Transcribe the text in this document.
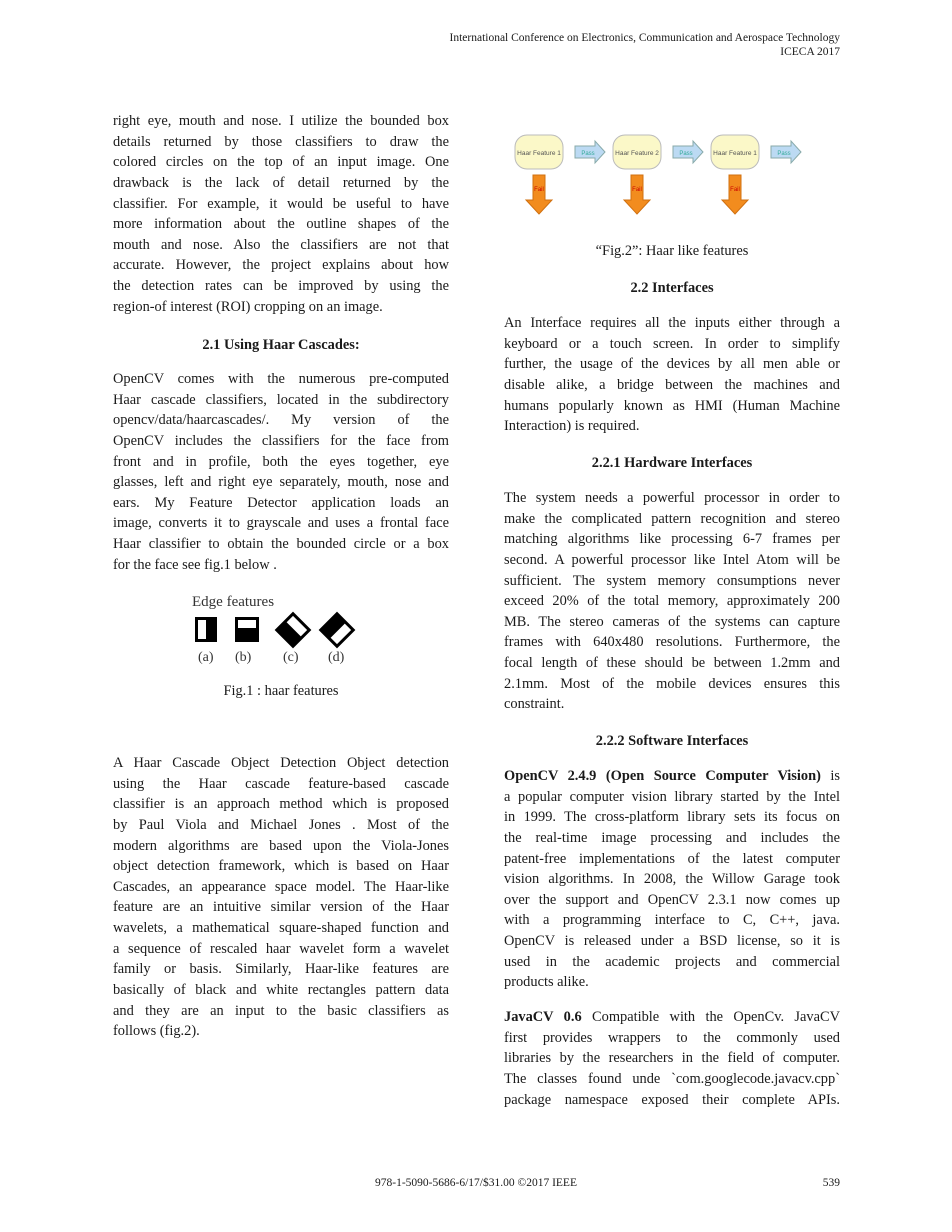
International Conference on Electronics, Communication and Aerospace Technology
ICECA 2017
right eye, mouth and nose. I utilize the bounded box
details returned by those classifiers to draw the
colored circles on the top of an input image. One
drawback is the lack of detail returned by the
classifier. For example, it would be useful to have
more information about the outline shapes of the
mouth and nose. Also the classifiers are not that
accurate. However, the project explains about how
the detection rates can be improved by using the
region-of interest (ROI) cropping on an image.
2.1 Using Haar Cascades:
OpenCV comes with the numerous pre-computed
Haar cascade classifiers, located in the subdirectory
opencv/data/haarcascades/. My version of the
OpenCV includes the classifiers for the face from
front and in profile, both the eyes together, eye
glasses, left and right eye separately, mouth, nose and
ears. My Feature Detector application loads an
image, converts it to grayscale and uses a frontal face
Haar classifier to obtain the bounded circle or a box
for the face see fig.1 below .
Edge features
(a) (b) (c) (d)
Fig.1 : haar features
A Haar Cascade Object Detection Object detection
using the Haar cascade feature-based cascade
classifier is an approach method which is proposed
by Paul Viola and Michael Jones . Most of the
modern algorithms are based upon the Viola-Jones
object detection framework, which is based on Haar
Cascades, an appearance space model. The Haar-like
feature are an intuitive similar version of the Haar
wavelets, a mathematical square-shaped function and
a sequence of rescaled haar wavelet form a wavelet
family or basis. Similarly, Haar-like features are
basically of black and white rectangles pattern data
and they are an input to the basic classifiers as
follows (fig.2).
Haar Feature 1	Pass
Fail
Haar Feature 2	Pass
Fail
Haar Feature 1	Pass
Fail
“Fig.2”: Haar like features
2.2 Interfaces
An Interface requires all the inputs either through a
keyboard or a touch screen. In order to simplify
further, the usage of the devices by all men able or
disable alike, a bridge between the machines and
humans popularly known as HMI (Human Machine
Interaction) is required.
2.2.1 Hardware Interfaces
The system needs a powerful processor in order to
make the complicated pattern recognition and stereo
matching algorithms like processing 6-7 frames per
second. A powerful processor like Intel Atom will be
sufficient. The system memory consumptions never
exceed 20% of the total memory, approximately 200
MB. The stereo cameras of the systems can capture
frames with 640x480 resolutions. Furthermore, the
focal length of these should be between 1.2mm and
2.1mm. Most of the mobile devices ensures this
constraint.
2.2.2 Software Interfaces
OpenCV 2.4.9 (Open Source Computer Vision) is
a popular computer vision library started by the Intel
in 1999. The cross-platform library sets its focus on
the real-time image processing and includes the
patent-free implementations of the latest computer
vision algorithms. In 2008, the Willow Garage took
over the support and OpenCV 2.3.1 now comes up
with a programming interface to C, C++, java.
OpenCV is released under a BSD license, so it is
used in the academic projects and commercial
products alike.
JavaCV 0.6 Compatible with the OpenCv. JavaCV
first provides wrappers to the commonly used
libraries by the researchers in the field of computer.
The classes found unde `com.googlecode.javacv.cpp`
package namespace exposed their complete APIs.
978-1-5090-5686-6/17/$31.00 ©2017 IEEE	539
